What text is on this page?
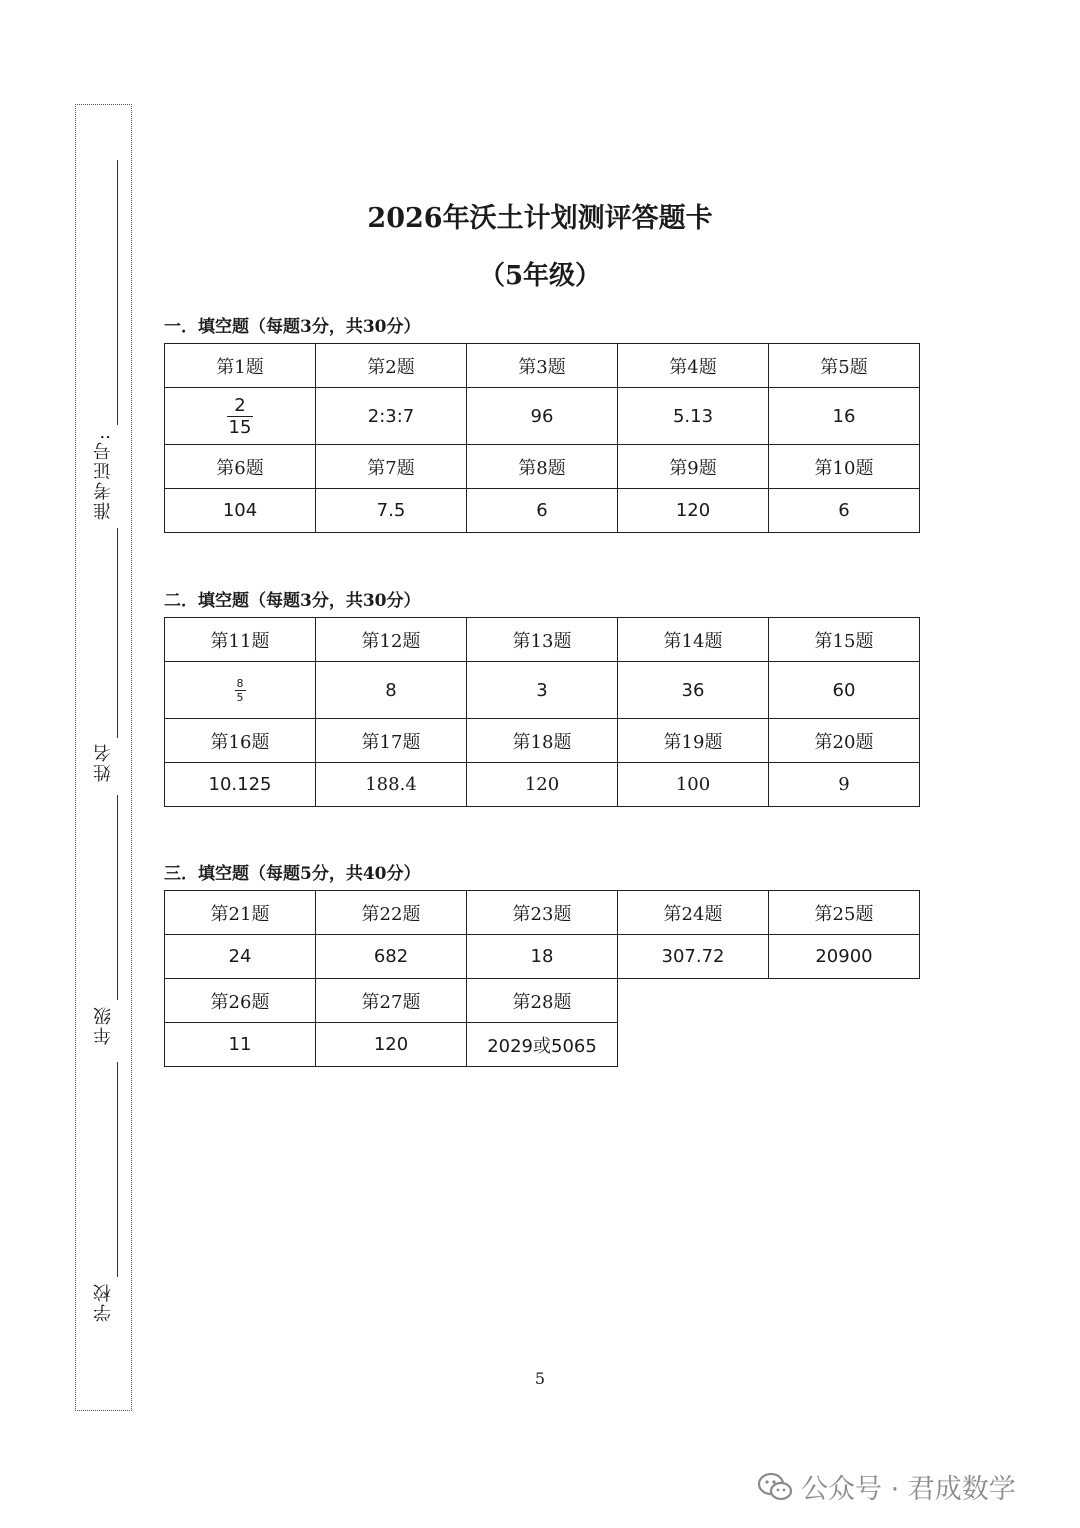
准考证号:
姓名
年级
学校
2026年沃土计划测评答题卡
（5年级）
一．填空题（每题3分，共30分）
第1题	第2题	第3题	第4题	第5题

$\frac{2}{15}$	2:3:7	96	5.13	16
第6题	第7题	第8题	第9题	第10题
104	7.5	6	120	6
二．填空题（每题3分，共30分）
第11题	第12题	第13题	第14题	第15题

$\frac{8}{5}$	8	3	36	60
第16题	第17题	第18题	第19题	第20题
10.125	188.4	120	100	9
三．填空题（每题5分，共40分）
第21题	第22题	第23题	第24题	第25题
24	682	18	307.72	20900
第26题	第27题	第28题		
11	120	2029或5065		
5
公众号 · 君成数学
